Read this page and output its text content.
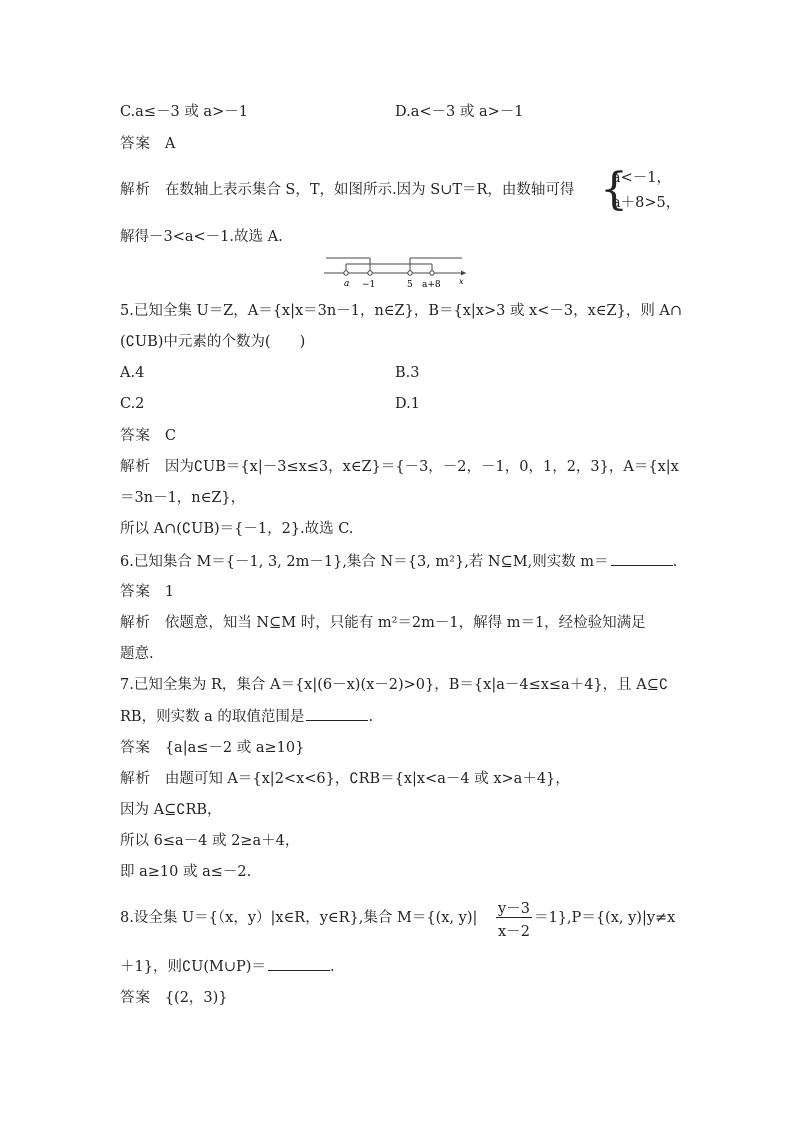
C.a≤－3 或 a>－1	D.a<－3 或 a>－1
答案 A
解析 在数轴上表示集合 S，T，如图所示.因为 S∪T＝R，由数轴可得 {
a<－1，
a＋8>5，
解得－3<a<－1.故选 A.
a −1	5 a+8 x
5.已知全集 U＝Z，A＝{x|x＝3n－1，n∈Z}，B＝{x|x>3 或 x<－3，x∈Z}，则 A∩
(∁UB)中元素的个数为(　　)
A.4	B.3
C.2	D.1
答案 C
解析 因为∁UB＝{x|－3≤x≤3，x∈Z}＝{－3，－2，－1，0，1，2，3}，A＝{x|x
＝3n－1，n∈Z}，
所以 A∩(∁UB)＝{－1，2}.故选 C.
6.已知集合 M＝{－1, 3, 2m－1},集合 N＝{3, m²},若 N⊆M,则实数 m＝	.
答案 1
解析 依题意，知当 N⊆M 时，只能有 m²＝2m－1，解得 m＝1，经检验知满足
题意.
7.已知全集为 R，集合 A＝{x|(6－x)(x－2)>0}，B＝{x|a－4≤x≤a＋4}，且 A⊆∁
RB，则实数 a 的取值范围是	.
答案 {a|a≤－2 或 a≥10}
解析 由题可知 A＝{x|2<x<6}，∁RB＝{x|x<a－4 或 x>a＋4}，
因为 A⊆∁RB，
所以 6≤a－4 或 2≥a＋4，
即 a≥10 或 a≤－2.
8.设全集 U＝{（x，y）|x∈R，y∈R},集合 M＝{(x, y)|
y－3
x－2
＝1},P＝{(x, y)|y≠x
＋1}，则∁U(M∪P)＝	.
答案 {(2，3)}
